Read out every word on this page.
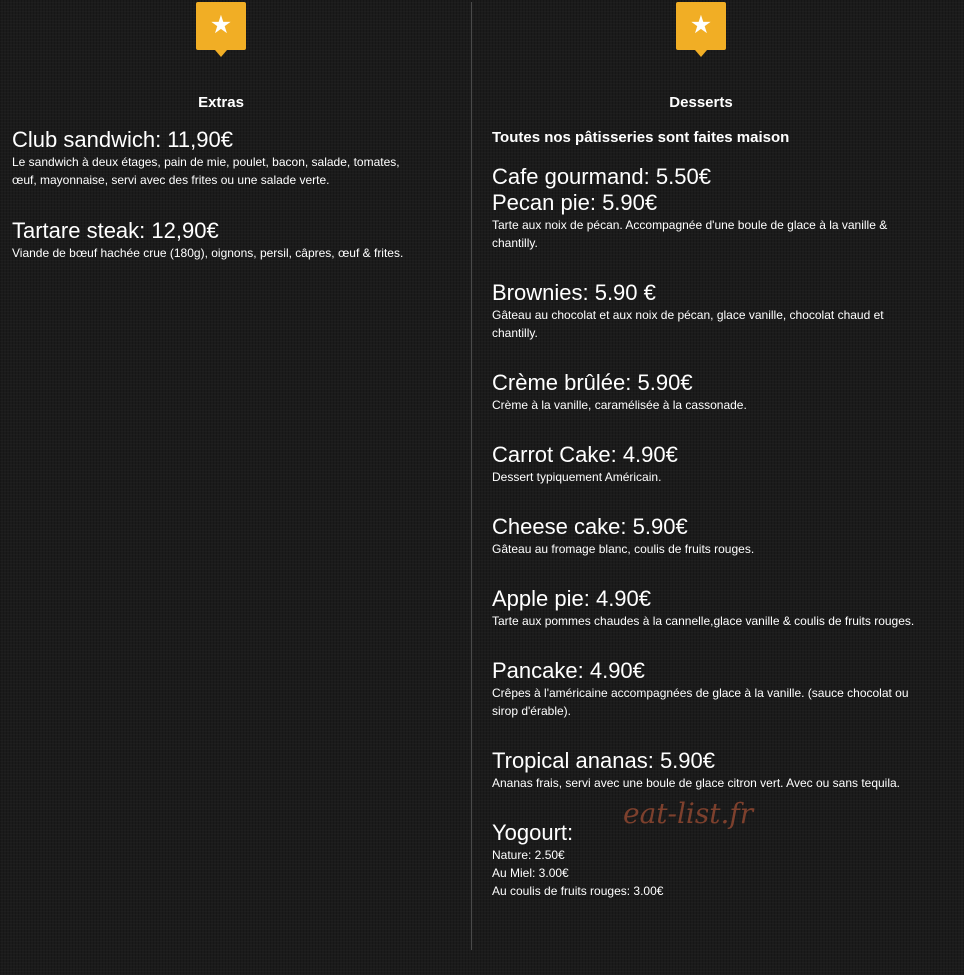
★
Extras

Club sandwich: 11,90€

Le sandwich à deux étages, pain de mie, poulet, bacon, salade, tomates, œuf, mayonnaise, servi avec des frites ou une salade verte.

Tartare steak: 12,90€

Viande de bœuf hachée crue (180g), oignons, persil, câpres, œuf & frites.

★
Desserts

Toutes nos pâtisseries sont faites maison

Cafe gourmand: 5.50€

Pecan pie: 5.90€

Tarte aux noix de pécan. Accompagnée d'une boule de glace à la vanille & chantilly.

Brownies: 5.90 €

Gâteau au chocolat et aux noix de pécan, glace vanille, chocolat chaud et chantilly.

Crème brûlée: 5.90€

Crème à la vanille, caramélisée à la cassonade.

Carrot Cake: 4.90€

Dessert typiquement Américain.

Cheese cake: 5.90€

Gâteau au fromage blanc, coulis de fruits rouges.

Apple pie: 4.90€

Tarte aux pommes chaudes à la cannelle,glace vanille & coulis de fruits rouges.

Pancake: 4.90€

Crêpes à l'américaine accompagnées de glace à la vanille. (sauce chocolat ou sirop d'érable).

Tropical ananas: 5.90€

Ananas frais, servi avec une boule de glace citron vert. Avec ou sans tequila.

Yogourt:

Nature: 2.50€

Au Miel: 3.00€

Au coulis de fruits rouges: 3.00€

eat-list.fr
